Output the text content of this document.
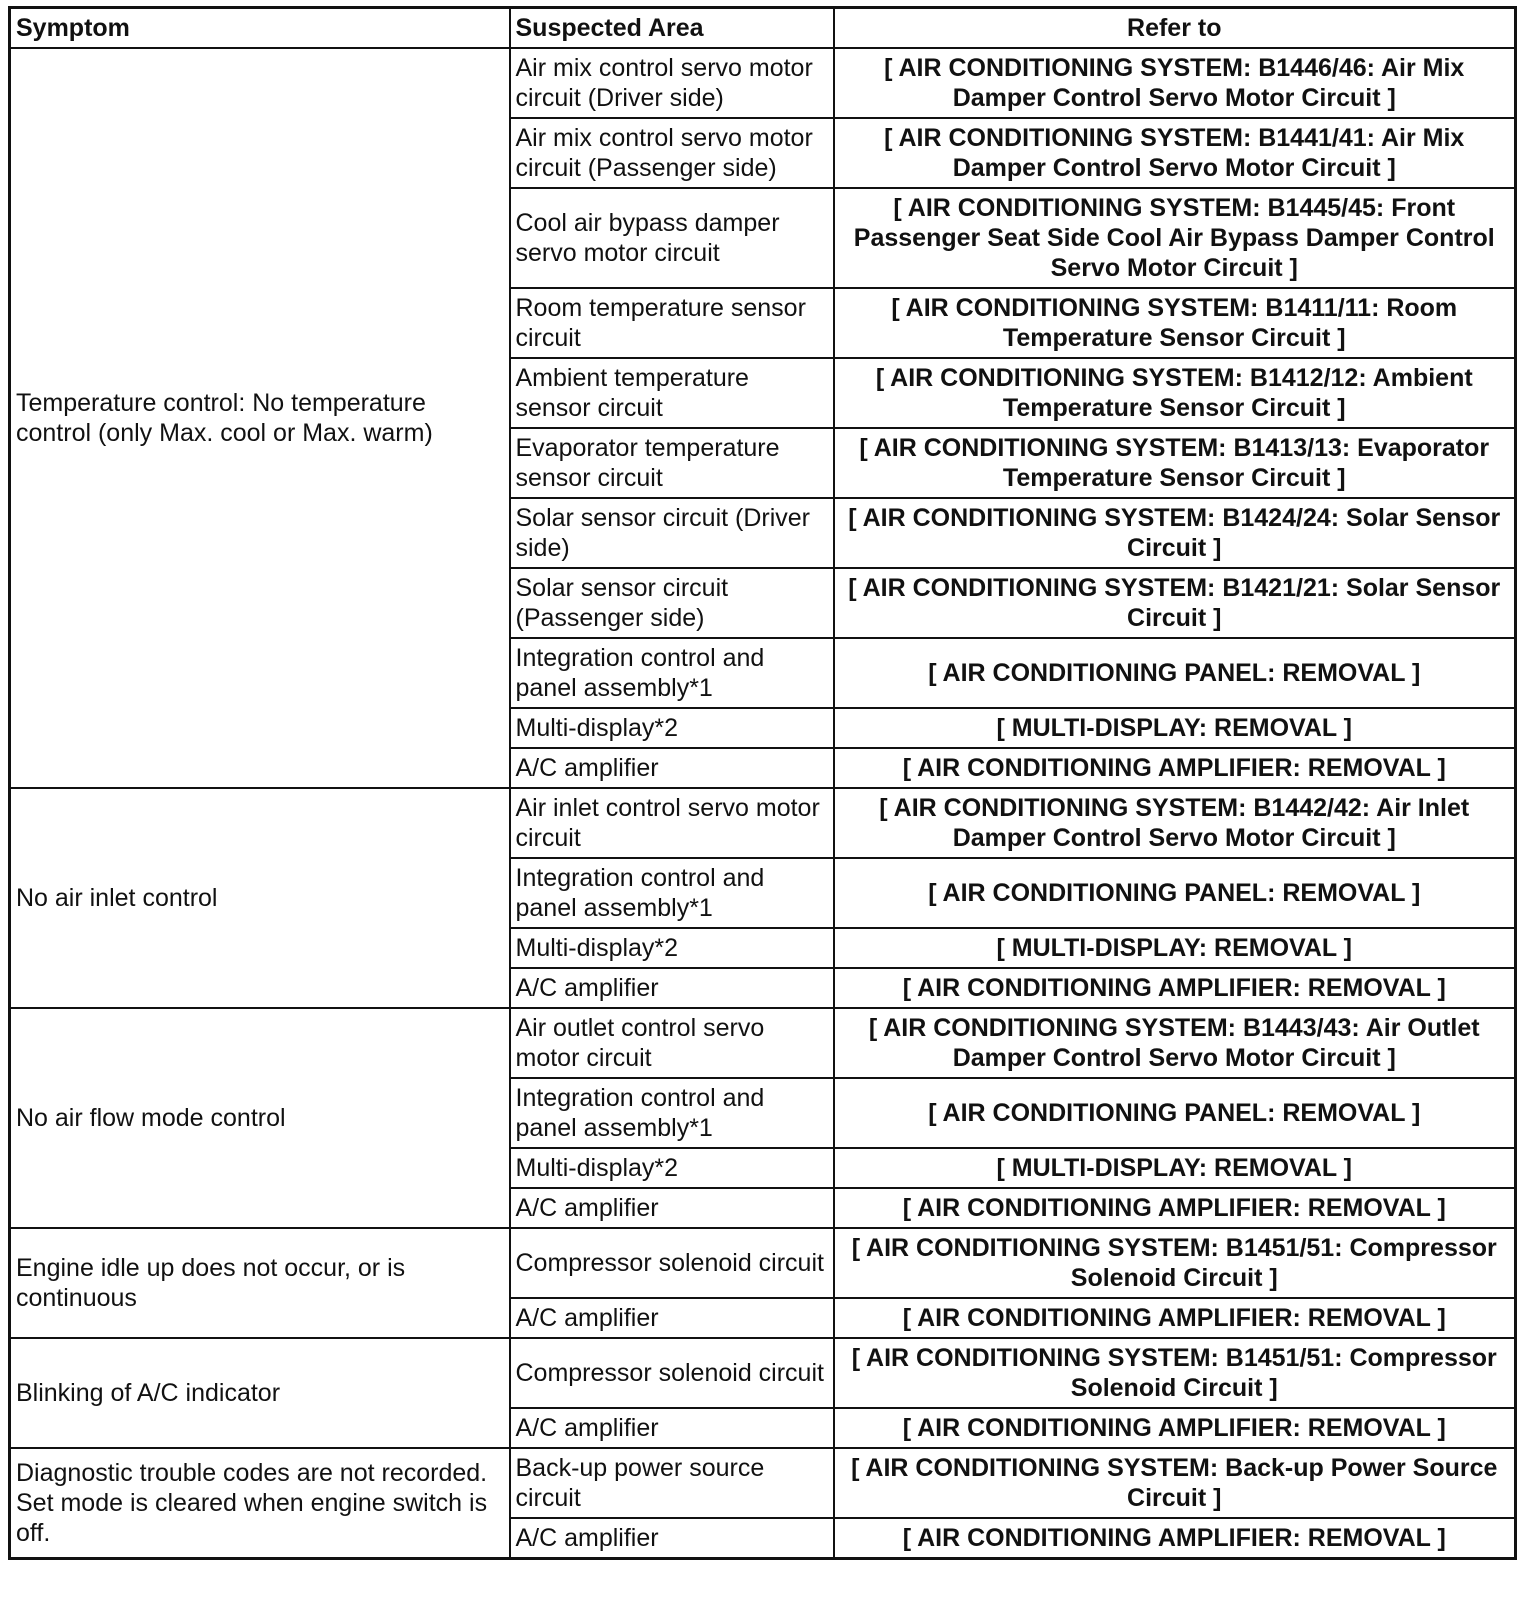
Symptom	Suspected Area	Refer to
Temperature control: No temperature control (only Max. cool or Max. warm)	Air mix control servo motor circuit (Driver side)	[ AIR CONDITIONING SYSTEM: B1446/46: Air Mix Damper Control Servo Motor Circuit ]
	Air mix control servo motor circuit (Passenger side)	[ AIR CONDITIONING SYSTEM: B1441/41: Air Mix Damper Control Servo Motor Circuit ]
	Cool air bypass damper servo motor circuit	[ AIR CONDITIONING SYSTEM: B1445/45: Front Passenger Seat Side Cool Air Bypass Damper Control Servo Motor Circuit ]
	Room temperature sensor circuit	[ AIR CONDITIONING SYSTEM: B1411/11: Room Temperature Sensor Circuit ]
	Ambient temperature sensor circuit	[ AIR CONDITIONING SYSTEM: B1412/12: Ambient Temperature Sensor Circuit ]
	Evaporator temperature sensor circuit	[ AIR CONDITIONING SYSTEM: B1413/13: Evaporator Temperature Sensor Circuit ]
	Solar sensor circuit (Driver side)	[ AIR CONDITIONING SYSTEM: B1424/24: Solar Sensor Circuit ]
	Solar sensor circuit (Passenger side)	[ AIR CONDITIONING SYSTEM: B1421/21: Solar Sensor Circuit ]
	Integration control and panel assembly*1	[ AIR CONDITIONING PANEL: REMOVAL ]
	Multi-display*2	[ MULTI-DISPLAY: REMOVAL ]
	A/C amplifier	[ AIR CONDITIONING AMPLIFIER: REMOVAL ]
No air inlet control	Air inlet control servo motor circuit	[ AIR CONDITIONING SYSTEM: B1442/42: Air Inlet Damper Control Servo Motor Circuit ]
	Integration control and panel assembly*1	[ AIR CONDITIONING PANEL: REMOVAL ]
	Multi-display*2	[ MULTI-DISPLAY: REMOVAL ]
	A/C amplifier	[ AIR CONDITIONING AMPLIFIER: REMOVAL ]
No air flow mode control	Air outlet control servo motor circuit	[ AIR CONDITIONING SYSTEM: B1443/43: Air Outlet Damper Control Servo Motor Circuit ]
	Integration control and panel assembly*1	[ AIR CONDITIONING PANEL: REMOVAL ]
	Multi-display*2	[ MULTI-DISPLAY: REMOVAL ]
	A/C amplifier	[ AIR CONDITIONING AMPLIFIER: REMOVAL ]
Engine idle up does not occur, or is continuous	Compressor solenoid circuit	[ AIR CONDITIONING SYSTEM: B1451/51: Compressor Solenoid Circuit ]
	A/C amplifier	[ AIR CONDITIONING AMPLIFIER: REMOVAL ]
Blinking of A/C indicator	Compressor solenoid circuit	[ AIR CONDITIONING SYSTEM: B1451/51: Compressor Solenoid Circuit ]
	A/C amplifier	[ AIR CONDITIONING AMPLIFIER: REMOVAL ]
Diagnostic trouble codes are not recorded. Set mode is cleared when engine switch is off.	Back-up power source circuit	[ AIR CONDITIONING SYSTEM: Back-up Power Source Circuit ]
	A/C amplifier	[ AIR CONDITIONING AMPLIFIER: REMOVAL ]
